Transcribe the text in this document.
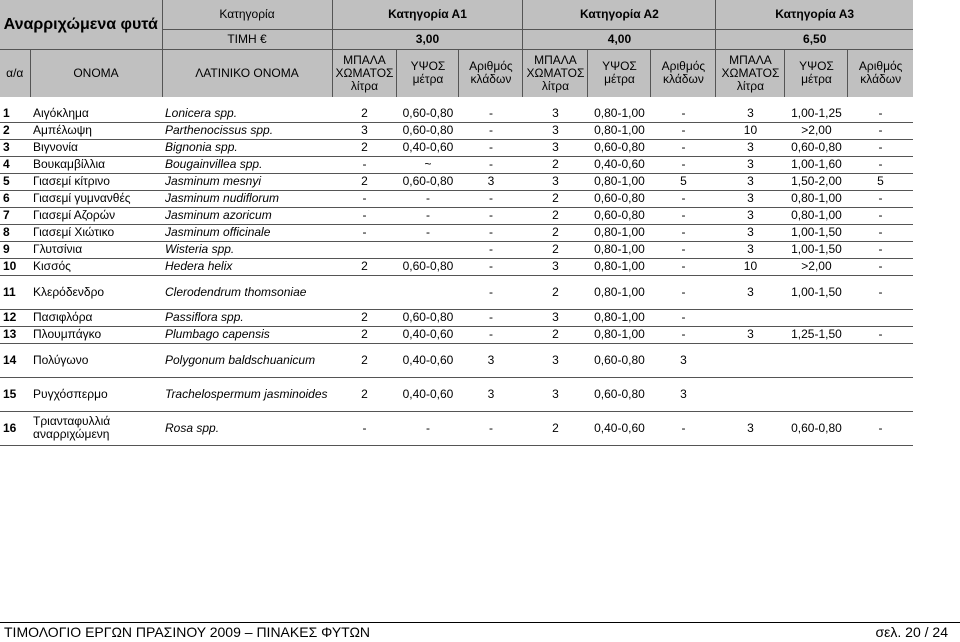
Αναρριχώμενα φυτά		Κατηγορία	Κατηγορία Α1			Κατηγορία Α2			Κατηγορία Α3		
		ΤΙΜΗ €	3,00			4,00			6,50		
α/α	ΟΝΟΜΑ	ΛΑΤΙΝΙΚΟ ΟΝΟΜΑ	ΜΠΑΛΑ
ΧΩΜΑΤΟΣ
λίτρα	ΥΨΟΣ
μέτρα	Αριθμός
κλάδων	ΜΠΑΛΑ
ΧΩΜΑΤΟΣ
λίτρα	ΥΨΟΣ
μέτρα	Αριθμός
κλάδων	ΜΠΑΛΑ
ΧΩΜΑΤΟΣ
λίτρα	ΥΨΟΣ
μέτρα	Αριθμός
κλάδων

1	Αιγόκλημα	Lonicera spp.	2	0,60-0,80	-	3	0,80-1,00	-	3	1,00-1,25	-
2	Αμπέλωψη	Parthenocissus spp.	3	0,60-0,80	-	3	0,80-1,00	-	10	>2,00	-
3	Βιγνονία	Bignonia spp.	2	0,40-0,60	-	3	0,60-0,80	-	3	0,60-0,80	-
4	Βουκαμβίλλια	Bougainvillea spp.	-	~	-	2	0,40-0,60	-	3	1,00-1,60	-
5	Γιασεμί κίτρινο	Jasminum mesnyi	2	0,60-0,80	3	3	0,80-1,00	5	3	1,50-2,00	5
6	Γιασεμί γυμνανθές	Jasminum nudiflorum	-	-	-	2	0,60-0,80	-	3	0,80-1,00	-
7	Γιασεμί Αζορών	Jasminum azoricum	-	-	-	2	0,60-0,80	-	3	0,80-1,00	-
8	Γιασεμί Χιώτικο	Jasminum officinale	-	-	-	2	0,80-1,00	-	3	1,00-1,50	-
9	Γλυτσίνια	Wisteria spp.			-	2	0,80-1,00	-	3	1,00-1,50	-
10	Κισσός	Hedera helix	2	0,60-0,80	-	3	0,80-1,00	-	10	>2,00	-
11	Κλερόδενδρο	Clerodendrum thomsoniae			-	2	0,80-1,00	-	3	1,00-1,50	-
12	Πασιφλόρα	Passiflora spp.	2	0,60-0,80	-	3	0,80-1,00	-			
13	Πλουμπάγκο	Plumbago capensis	2	0,40-0,60	-	2	0,80-1,00	-	3	1,25-1,50	-
14	Πολύγωνο	Polygonum baldschuanicum	2	0,40-0,60	3	3	0,60-0,80	3			
15	Ρυγχόσπερμο	Trachelospermum jasminoides	2	0,40-0,60	3	3	0,60-0,80	3			
16	Τριανταφυλλιά αναρριχώμενη	Rosa spp.	-	-	-	2	0,40-0,60	-	3	0,60-0,80	-
ΤΙΜΟΛΟΓΙΟ ΕΡΓΩΝ ΠΡΑΣΙΝΟΥ 2009 – ΠΙΝΑΚΕΣ ΦΥΤΩΝ	σελ. 20 / 24
